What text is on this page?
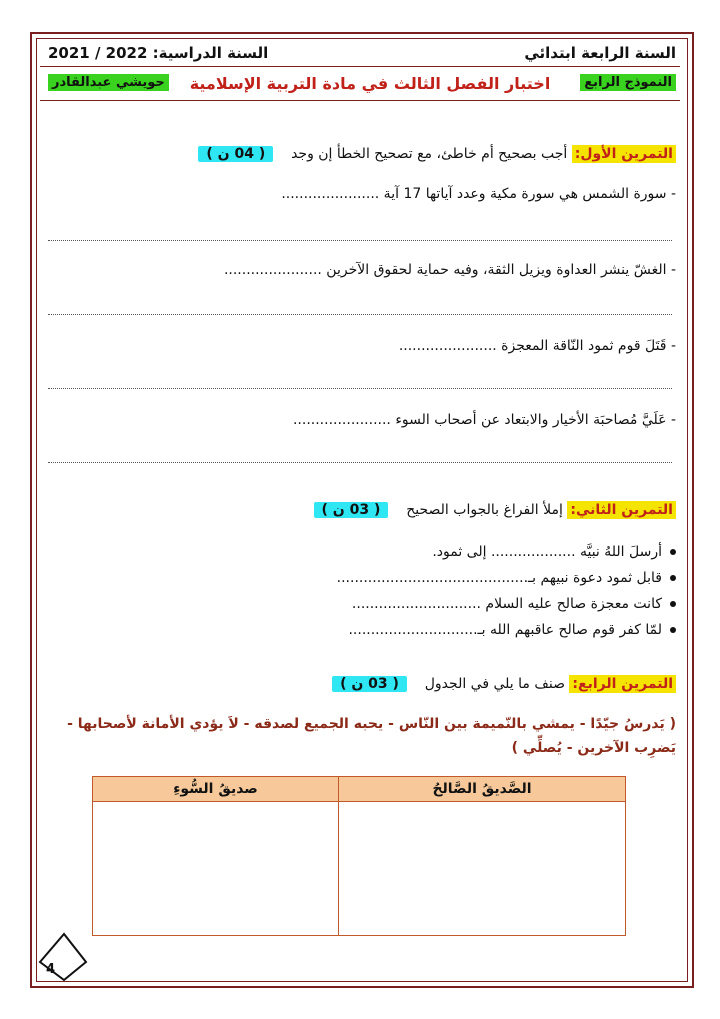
السنة الرابعة ابتدائي
السنة الدراسية: 2021 / 2022
النموذج الرابع
اختبار الفصل الثالث في مادة التربية الإسلامية
حويشي عبدالقادر
التمرين الأول: أجب بصحيح أم خاطئ، مع تصحيح الخطأ إن وجد    ( 04 ن )
- سورة الشمس هي سورة مكية وعدد آياتها 17 آية ......................
- الغشّ ينشر العداوة ويزيل الثقة، وفيه حماية لحقوق الآخرين ......................
- قَتَلَ قوم ثمود النّاقة المعجزة ......................
- عَلَيَّ مُصاحبَة الأخيار والابتعاد عن أصحاب السوء ......................
التمرين الثاني: إملأ الفراغ بالجواب الصحيح    ( 03 ن )
أرسلَ اللهُ نبيَّه ................... إلى ثمود.
قابل ثمود دعوة نبيهم بـ...........................................
كانت معجزة صالح عليه السلام .............................
لمّا كفر قوم صالح عاقبهم الله بـ.............................
التمرين الرابع: صنف ما يلي في الجدول    ( 03 ن )
( يَدرسُ جيّدًا - يمشي بالنّميمة بين النّاس - يحبه الجميع لصدقه - لاَ يؤدي الأمانة لأصحابها -
يَضرِب الآخرين - يُصلِّي )
صديقُ السُّوءِ	الصَّديقُ الصَّالحُ

4
